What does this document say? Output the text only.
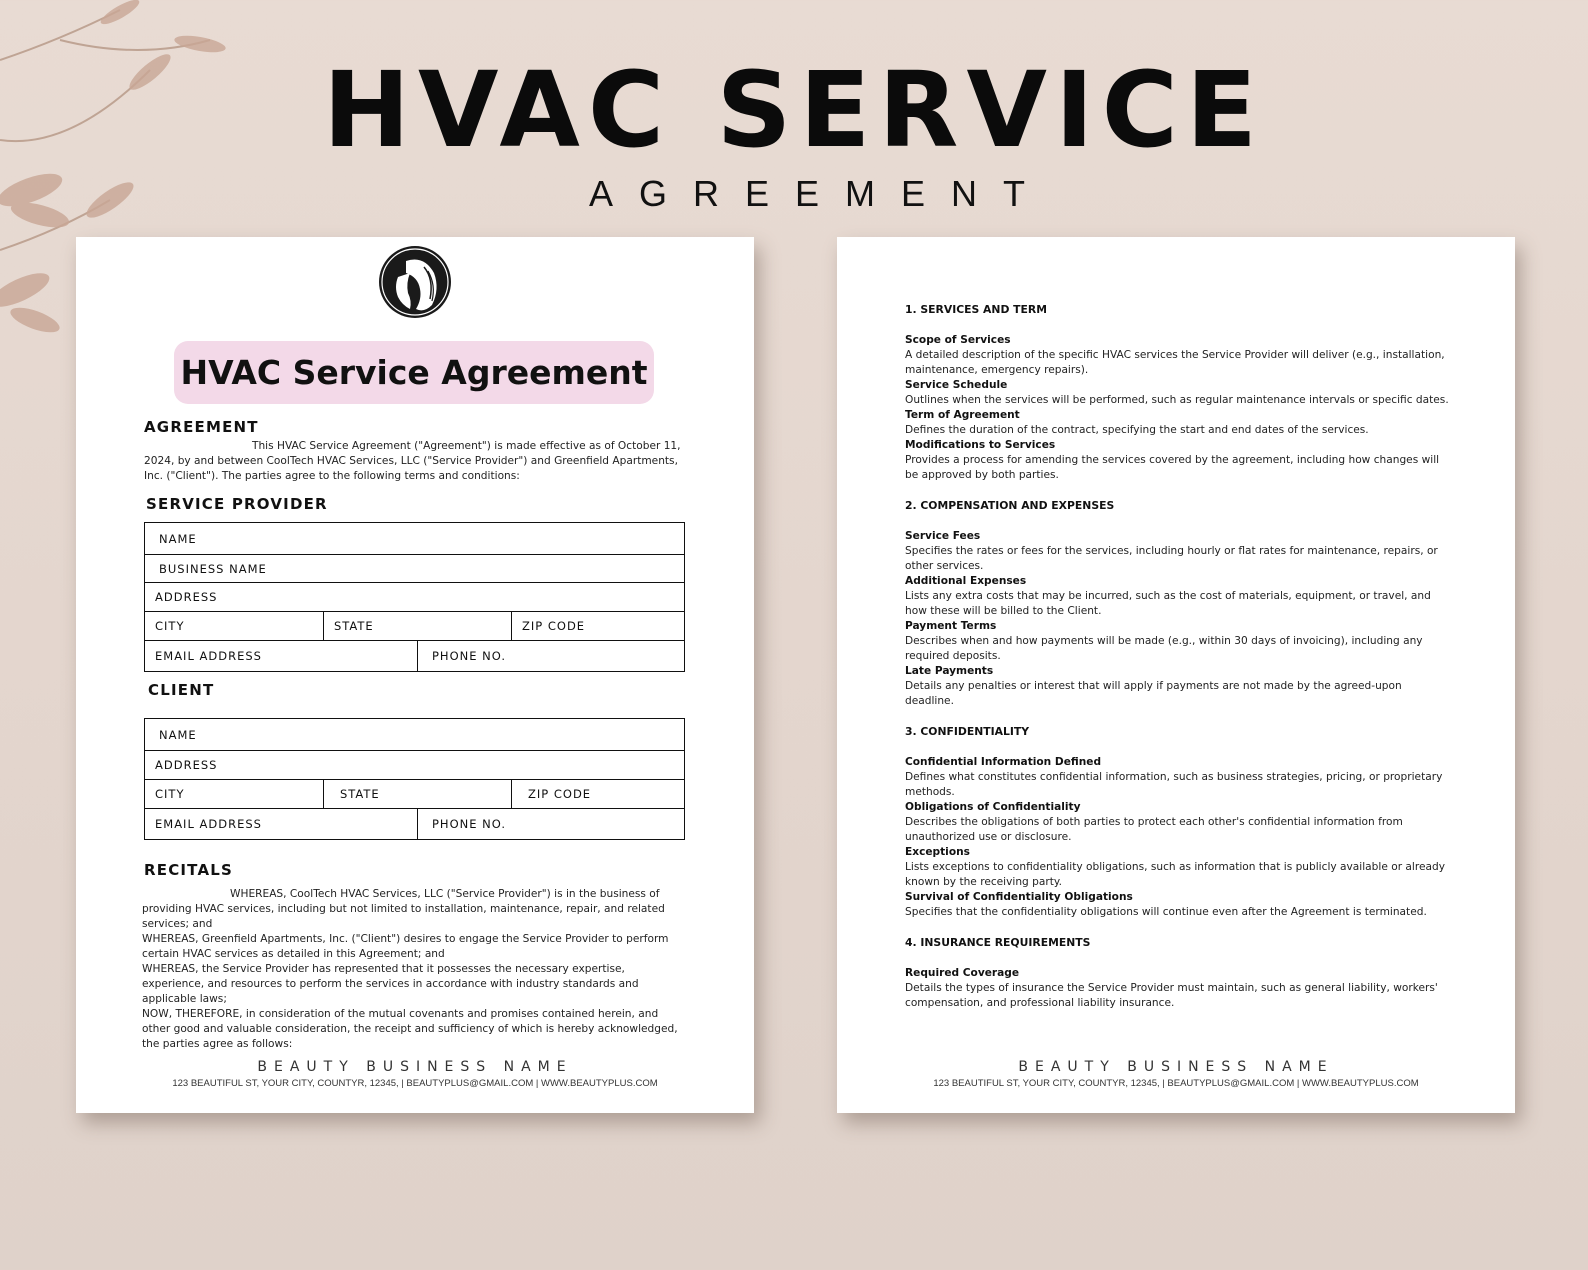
HVAC SERVICE
AGREEMENT
HVAC Service Agreement
AGREEMENT

This HVAC Service Agreement ("Agreement") is made effective as of October 11, 2024, by and between CoolTech HVAC Services, LLC ("Service Provider") and Greenfield Apartments, Inc. ("Client"). The parties agree to the following terms and conditions:

SERVICE PROVIDER
NAME
BUSINESS NAME
ADDRESS
CITY	STATE	ZIP CODE
EMAIL ADDRESS	PHONE NO.
CLIENT
NAME
ADDRESS
CITY	STATE	ZIP CODE
EMAIL ADDRESS	PHONE NO.
RECITALS

WHEREAS, CoolTech HVAC Services, LLC ("Service Provider") is in the business of providing HVAC services, including but not limited to installation, maintenance, repair, and related services; and

WHEREAS, Greenfield Apartments, Inc. ("Client") desires to engage the Service Provider to perform certain HVAC services as detailed in this Agreement; and

WHEREAS, the Service Provider has represented that it possesses the necessary expertise, experience, and resources to perform the services in accordance with industry standards and applicable laws;

NOW, THEREFORE, in consideration of the mutual covenants and promises contained herein, and other good and valuable consideration, the receipt and sufficiency of which is hereby acknowledged, the parties agree as follows:

BEAUTY BUSINESS NAME
123 BEAUTIFUL ST, YOUR CITY, COUNTYR, 12345, | BEAUTYPLUS@GMAIL.COM | WWW.BEAUTYPLUS.COM

1. SERVICES AND TERM

Scope of Services

A detailed description of the specific HVAC services the Service Provider will deliver (e.g., installation, maintenance, emergency repairs).

Service Schedule

Outlines when the services will be performed, such as regular maintenance intervals or specific dates.

Term of Agreement

Defines the duration of the contract, specifying the start and end dates of the services.

Modifications to Services

Provides a process for amending the services covered by the agreement, including how changes will be approved by both parties.

2. COMPENSATION AND EXPENSES

Service Fees

Specifies the rates or fees for the services, including hourly or flat rates for maintenance, repairs, or other services.

Additional Expenses

Lists any extra costs that may be incurred, such as the cost of materials, equipment, or travel, and how these will be billed to the Client.

Payment Terms

Describes when and how payments will be made (e.g., within 30 days of invoicing), including any required deposits.

Late Payments

Details any penalties or interest that will apply if payments are not made by the agreed-upon deadline.

3. CONFIDENTIALITY

Confidential Information Defined

Defines what constitutes confidential information, such as business strategies, pricing, or proprietary methods.

Obligations of Confidentiality

Describes the obligations of both parties to protect each other's confidential information from unauthorized use or disclosure.

Exceptions

Lists exceptions to confidentiality obligations, such as information that is publicly available or already known by the receiving party.

Survival of Confidentiality Obligations

Specifies that the confidentiality obligations will continue even after the Agreement is terminated.

4. INSURANCE REQUIREMENTS

Required Coverage

Details the types of insurance the Service Provider must maintain, such as general liability, workers' compensation, and professional liability insurance.

BEAUTY BUSINESS NAME
123 BEAUTIFUL ST, YOUR CITY, COUNTYR, 12345, | BEAUTYPLUS@GMAIL.COM | WWW.BEAUTYPLUS.COM
